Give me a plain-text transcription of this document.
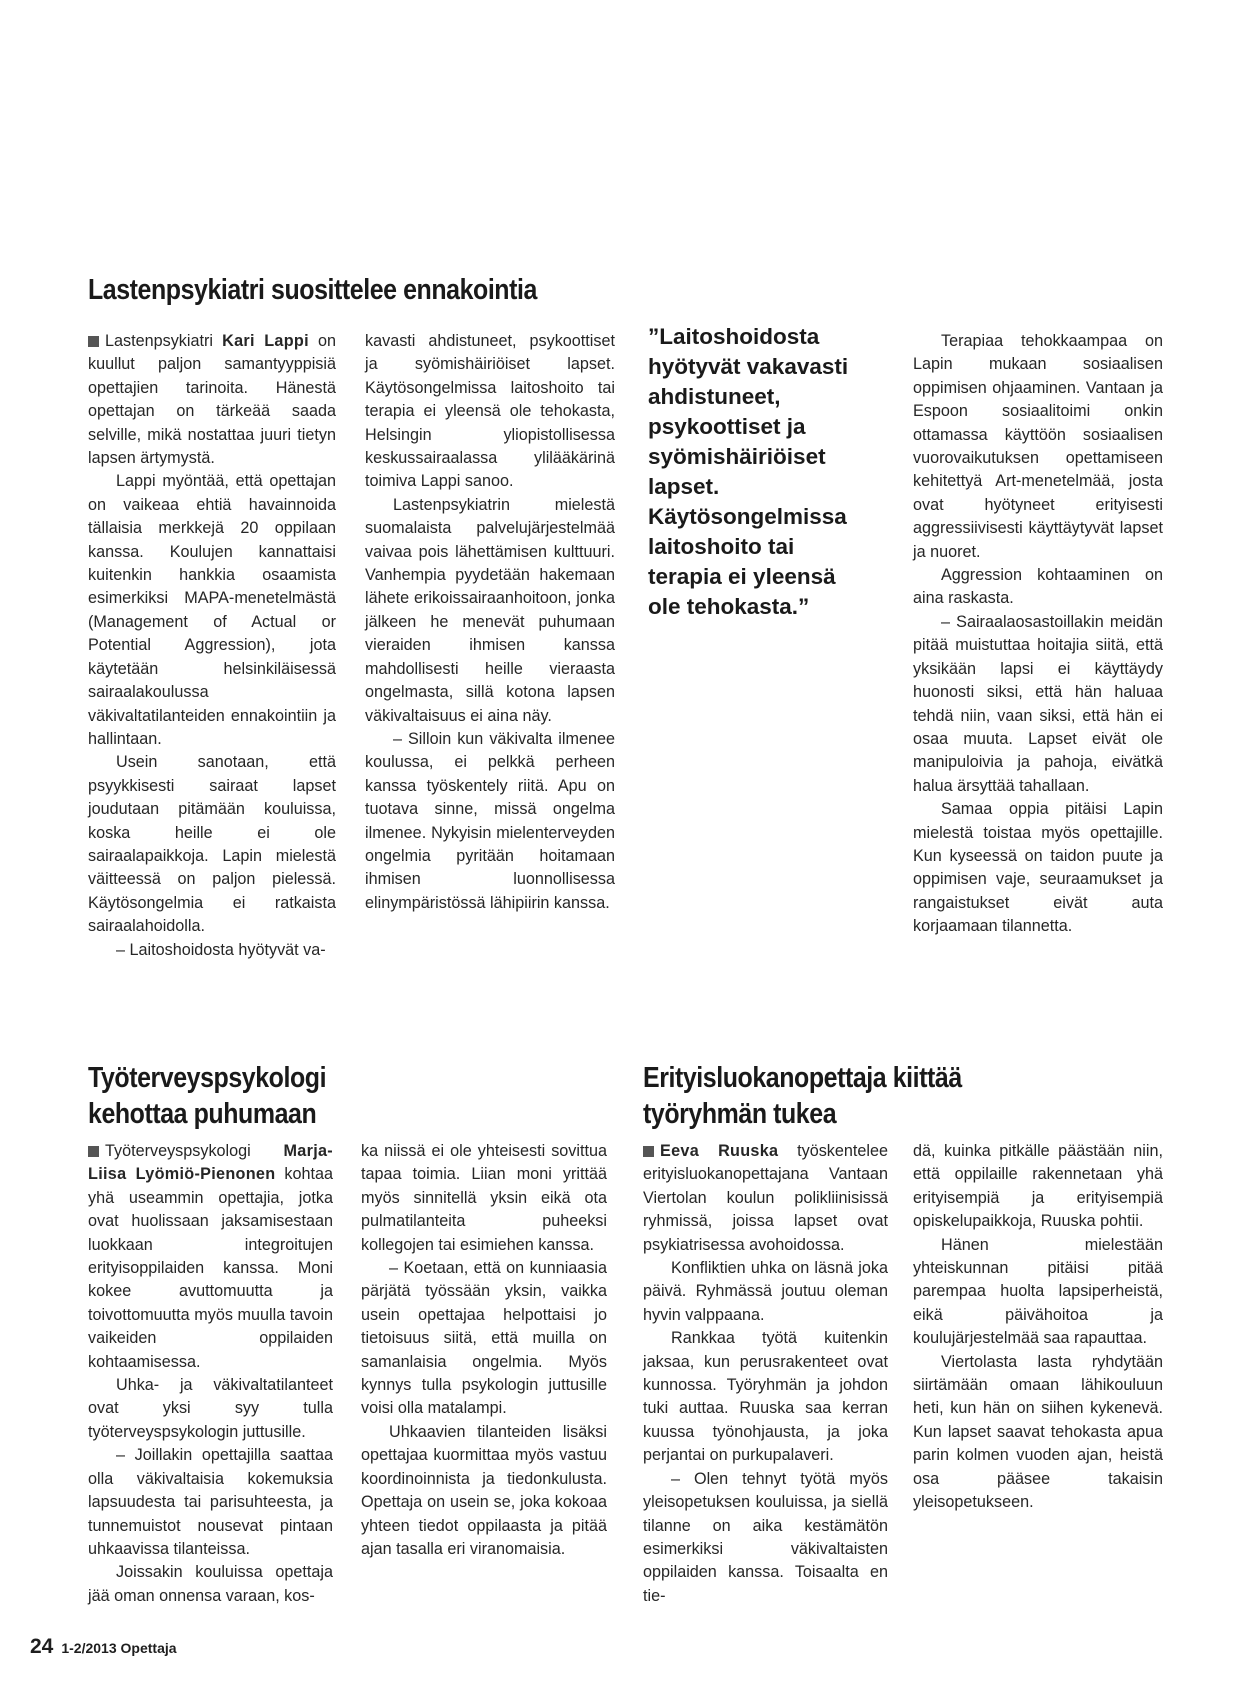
Lastenpsykiatri suosittelee ennakointia

Lastenpsykiatri Kari Lappi on kuullut paljon samantyyppisiä opettajien tarinoita. Hänestä opettajan on tärkeää saada selville, mikä nostattaa juuri tietyn lapsen ärtymystä.

Lappi myöntää, että opettajan on vaikeaa ehtiä havainnoida tällaisia merkkejä 20 oppilaan kanssa. Koulujen kannattaisi kuitenkin hankkia osaamista esimerkiksi MAPA-menetelmästä (Management of Actual or Potential Aggression), jota käytetään helsinkiläisessä sairaalakoulussa väkivaltatilanteiden ennakointiin ja hallintaan.

Usein sanotaan, että psyykkisesti sairaat lapset joudutaan pitämään kouluissa, koska heille ei ole sairaalapaikkoja. Lapin mielestä väitteessä on paljon pielessä. Käytösongelmia ei ratkaista sairaalahoidolla.

– Laitoshoidosta hyötyvät va-

kavasti ahdistuneet, psykoottiset ja syömishäiriöiset lapset. Käytösongelmissa laitoshoito tai terapia ei yleensä ole tehokasta, Helsingin yliopistollisessa keskussairaalassa ylilääkärinä toimiva Lappi sanoo.

Lastenpsykiatrin mielestä suomalaista palvelujärjestelmää vaivaa pois lähettämisen kulttuuri. Vanhempia pyydetään hakemaan lähete erikoissairaanhoitoon, jonka jälkeen he menevät puhumaan vieraiden ihmisen kanssa mahdollisesti heille vieraasta ongelmasta, sillä kotona lapsen väkivaltaisuus ei aina näy.

– Silloin kun väkivalta ilmenee koulussa, ei pelkkä perheen kanssa työskentely riitä. Apu on tuotava sinne, missä ongelma ilmenee. Nykyisin mielenterveyden ongelmia pyritään hoitamaan ihmisen luonnollisessa elinympäristössä lähipiirin kanssa.

”Laitoshoidosta hyötyvät vakavasti ahdistuneet, psykoottiset ja syömishäiriöiset lapset. Käytösongelmissa laitoshoito tai terapia ei yleensä ole tehokasta.”

Terapiaa tehokkaampaa on Lapin mukaan sosiaalisen oppimisen ohjaaminen. Vantaan ja Espoon sosiaalitoimi onkin ottamassa käyttöön sosiaalisen vuorovaikutuksen opettamiseen kehitettyä Art-menetelmää, josta ovat hyötyneet erityisesti aggressiivisesti käyttäytyvät lapset ja nuoret.

Aggression kohtaaminen on aina raskasta.

– Sairaalaosastoillakin meidän pitää muistuttaa hoitajia siitä, että yksikään lapsi ei käyttäydy huonosti siksi, että hän haluaa tehdä niin, vaan siksi, että hän ei osaa muuta. Lapset eivät ole manipuloivia ja pahoja, eivätkä halua ärsyttää tahallaan.

Samaa oppia pitäisi Lapin mielestä toistaa myös opettajille. Kun kyseessä on taidon puute ja oppimisen vaje, seuraamukset ja rangaistukset eivät auta korjaamaan tilannetta.

Työterveyspsykologi
kehottaa puhumaan

Työterveyspsykologi Marja-Liisa Lyömiö-Pienonen kohtaa yhä useammin opettajia, jotka ovat huolissaan jaksamisestaan luokkaan integroitujen erityisoppilaiden kanssa. Moni kokee avuttomuutta ja toivottomuutta myös muulla tavoin vaikeiden oppilaiden kohtaamisessa.

Uhka- ja väkivaltatilanteet ovat yksi syy tulla työterveyspsykologin juttusille.

– Joillakin opettajilla saattaa olla väkivaltaisia kokemuksia lapsuudesta tai parisuhteesta, ja tunnemuistot nousevat pintaan uhkaavissa tilanteissa.

Joissakin kouluissa opettaja jää oman onnensa varaan, kos-

ka niissä ei ole yhteisesti sovittua tapaa toimia. Liian moni yrittää myös sinnitellä yksin eikä ota pulmatilanteita puheeksi kollegojen tai esimiehen kanssa.

– Koetaan, että on kunniaasia pärjätä työssään yksin, vaikka usein opettajaa helpottaisi jo tietoisuus siitä, että muilla on samanlaisia ongelmia. Myös kynnys tulla psykologin juttusille voisi olla matalampi.

Uhkaavien tilanteiden lisäksi opettajaa kuormittaa myös vastuu koordinoinnista ja tiedonkulusta. Opettaja on usein se, joka kokoaa yhteen tiedot oppilaasta ja pitää ajan tasalla eri viranomaisia.

Erityisluokanopettaja kiittää
työryhmän tukea

Eeva Ruuska työskentelee erityisluokanopettajana Vantaan Viertolan koulun polikliinisissä ryhmissä, joissa lapset ovat psykiatrisessa avohoidossa.

Konfliktien uhka on läsnä joka päivä. Ryhmässä joutuu oleman hyvin valppaana.

Rankkaa työtä kuitenkin jaksaa, kun perusrakenteet ovat kunnossa. Työryhmän ja johdon tuki auttaa. Ruuska saa kerran kuussa työnohjausta, ja joka perjantai on purkupalaveri.

– Olen tehnyt työtä myös yleisopetuksen kouluissa, ja siellä tilanne on aika kestämätön esimerkiksi väkivaltaisten oppilaiden kanssa. Toisaalta en tie-

dä, kuinka pitkälle päästään niin, että oppilaille rakennetaan yhä erityisempiä ja erityisempiä opiskelupaikkoja, Ruuska pohtii.

Hänen mielestään yhteiskunnan pitäisi pitää parempaa huolta lapsiperheistä, eikä päivähoitoa ja koulujärjestelmää saa rapauttaa.

Viertolasta lasta ryhdytään siirtämään omaan lähikouluun heti, kun hän on siihen kykenevä. Kun lapset saavat tehokasta apua parin kolmen vuoden ajan, heistä osa pääsee takaisin yleisopetukseen.

24 1-2/2013 Opettaja
